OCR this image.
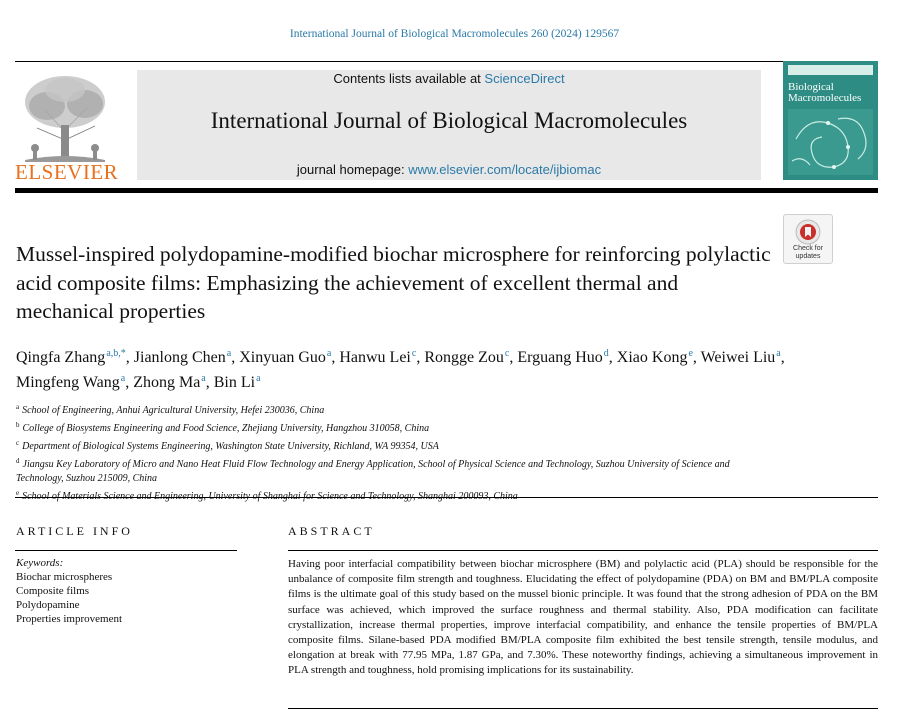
International Journal of Biological Macromolecules 260 (2024) 129567
ELSEVIER
Contents lists available at ScienceDirect
International Journal of Biological Macromolecules
journal homepage: www.elsevier.com/locate/ijbiomac
Biological
Macromolecules
Check for
updates
Mussel-inspired polydopamine-modified biochar microsphere for reinforcing polylactic acid composite films: Emphasizing the achievement of excellent thermal and mechanical properties
Qingfa Zhang$^{a,b,*}$, Jianlong Chen$^a$, Xinyuan Guo$^a$, Hanwu Lei$^c$, Rongge Zou$^c$, Erguang Huo$^d$, Xiao Kong$^e$, Weiwei Liu$^a$, Mingfeng Wang$^a$, Zhong Ma$^a$, Bin Li$^a$
$^a$ School of Engineering, Anhui Agricultural University, Hefei 230036, China
$^b$ College of Biosystems Engineering and Food Science, Zhejiang University, Hangzhou 310058, China
$^c$ Department of Biological Systems Engineering, Washington State University, Richland, WA 99354, USA
$^d$ Jiangsu Key Laboratory of Micro and Nano Heat Fluid Flow Technology and Energy Application, School of Physical Science and Technology, Suzhou University of Science and Technology, Suzhou 215009, China
$^e$
ARTICLE INFO	ABSTRACT
Keywords:
Biochar microspheres
Composite films
Polydopamine
Properties improvement

Having poor interfacial compatibility between biochar microsphere (BM) and polylactic acid (PLA) should be responsible for the unbalance of composite film strength and toughness. Elucidating the effect of polydopamine (PDA) on BM and BM/PLA composite films is the ultimate goal of this study based on the mussel bionic principle. It was found that the strong adhesion of PDA on the BM surface was achieved, which improved the surface roughness and thermal stability. Also, PDA modification can facilitate crystallization, increase thermal properties, improve interfacial compatibility, and enhance the tensile properties of BM/PLA composite films. Silane-based PDA modified BM/PLA composite film exhibited the best tensile strength, tensile modulus, and elongation at break with 77.95 MPa, 1.87 GPa, and 7.30%. These noteworthy findings, achieving a simultaneous improvement in PLA strength and toughness, hold promising implications for its sustainability.
